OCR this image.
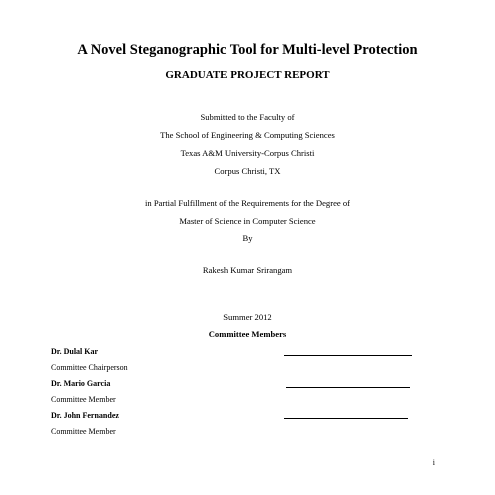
A Novel Steganographic Tool for Multi-level Protection
GRADUATE PROJECT REPORT
Submitted to the Faculty of
The School of Engineering & Computing Sciences
Texas A&M University-Corpus Christi
Corpus Christi, TX
in Partial Fulfillment of the Requirements for the Degree of
Master of Science in Computer Science
By
Rakesh Kumar Srirangam
Summer 2012
Committee Members
Dr. Dulal Kar
Committee Chairperson
Dr. Mario Garcia
Committee Member
Dr. John Fernandez
Committee Member
i
